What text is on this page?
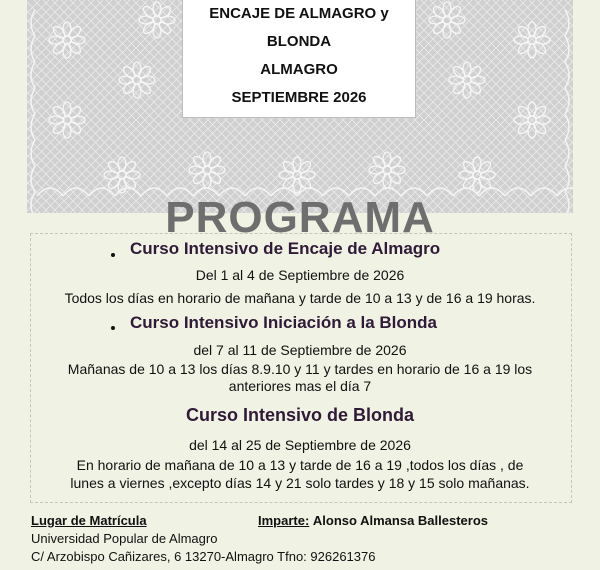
ENCAJE DE ALMAGRO y
BLONDA
ALMAGRO
SEPTIEMBRE 2026
PROGRAMA
Curso Intensivo de Encaje de Almagro
Del 1 al 4 de Septiembre de 2026
Todos los días en horario de mañana y tarde de 10 a 13 y de 16 a 19 horas.
Curso Intensivo Iniciación a la Blonda
del 7 al 11 de Septiembre de 2026
Mañanas de 10 a 13 los días 8.9.10 y 11 y tardes en horario de 16 a 19 los
anteriores mas el día 7
Curso Intensivo de Blonda
del 14 al 25 de Septiembre de 2026
En horario de mañana de 10 a 13 y tarde de 16 a 19 ,todos los días , de
lunes a viernes ,excepto días 14 y 21 solo tardes y 18 y 15 solo mañanas.
Lugar de Matrícula
Universidad Popular de Almagro
C/ Arzobispo Cañizares, 6 13270-Almagro Tfno: 926261376
Imparte: Alonso Almansa Ballesteros
